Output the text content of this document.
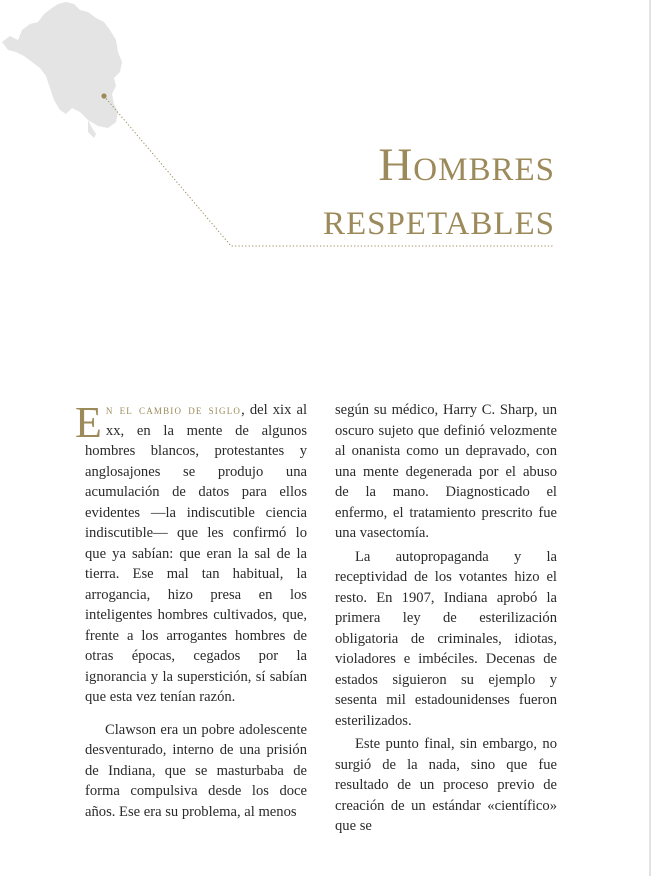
Hombres
respetables

En el cambio de siglo, del xix al xx, en la mente de algunos hombres blancos, protestantes y anglosajones se produjo una acumulación de datos para ellos evidentes —la indiscutible ciencia indiscutible— que les confirmó lo que ya sabían: que eran la sal de la tierra. Ese mal tan habitual, la arrogancia, hizo presa en los inteligentes hombres cultivados, que, frente a los arrogantes hombres de otras épocas, cegados por la ignorancia y la superstición, sí sabían que esta vez tenían razón.

Clawson era un pobre adolescente desventurado, interno de una prisión de Indiana, que se masturbaba de forma compulsiva desde los doce años. Ese era su problema, al menos

según su médico, Harry C. Sharp, un oscuro sujeto que definió velozmente al onanista como un depravado, con una mente degenerada por el abuso de la mano. Diagnosticado el enfermo, el tratamiento prescrito fue una vasectomía.

La autopropaganda y la receptividad de los votantes hizo el resto. En 1907, Indiana aprobó la primera ley de esterilización obligatoria de criminales, idiotas, violadores e imbéciles. Decenas de estados siguieron su ejemplo y sesenta mil estadounidenses fueron esterilizados.

Este punto final, sin embargo, no surgió de la nada, sino que fue resultado de un proceso previo de creación de un estándar «científico» que se
